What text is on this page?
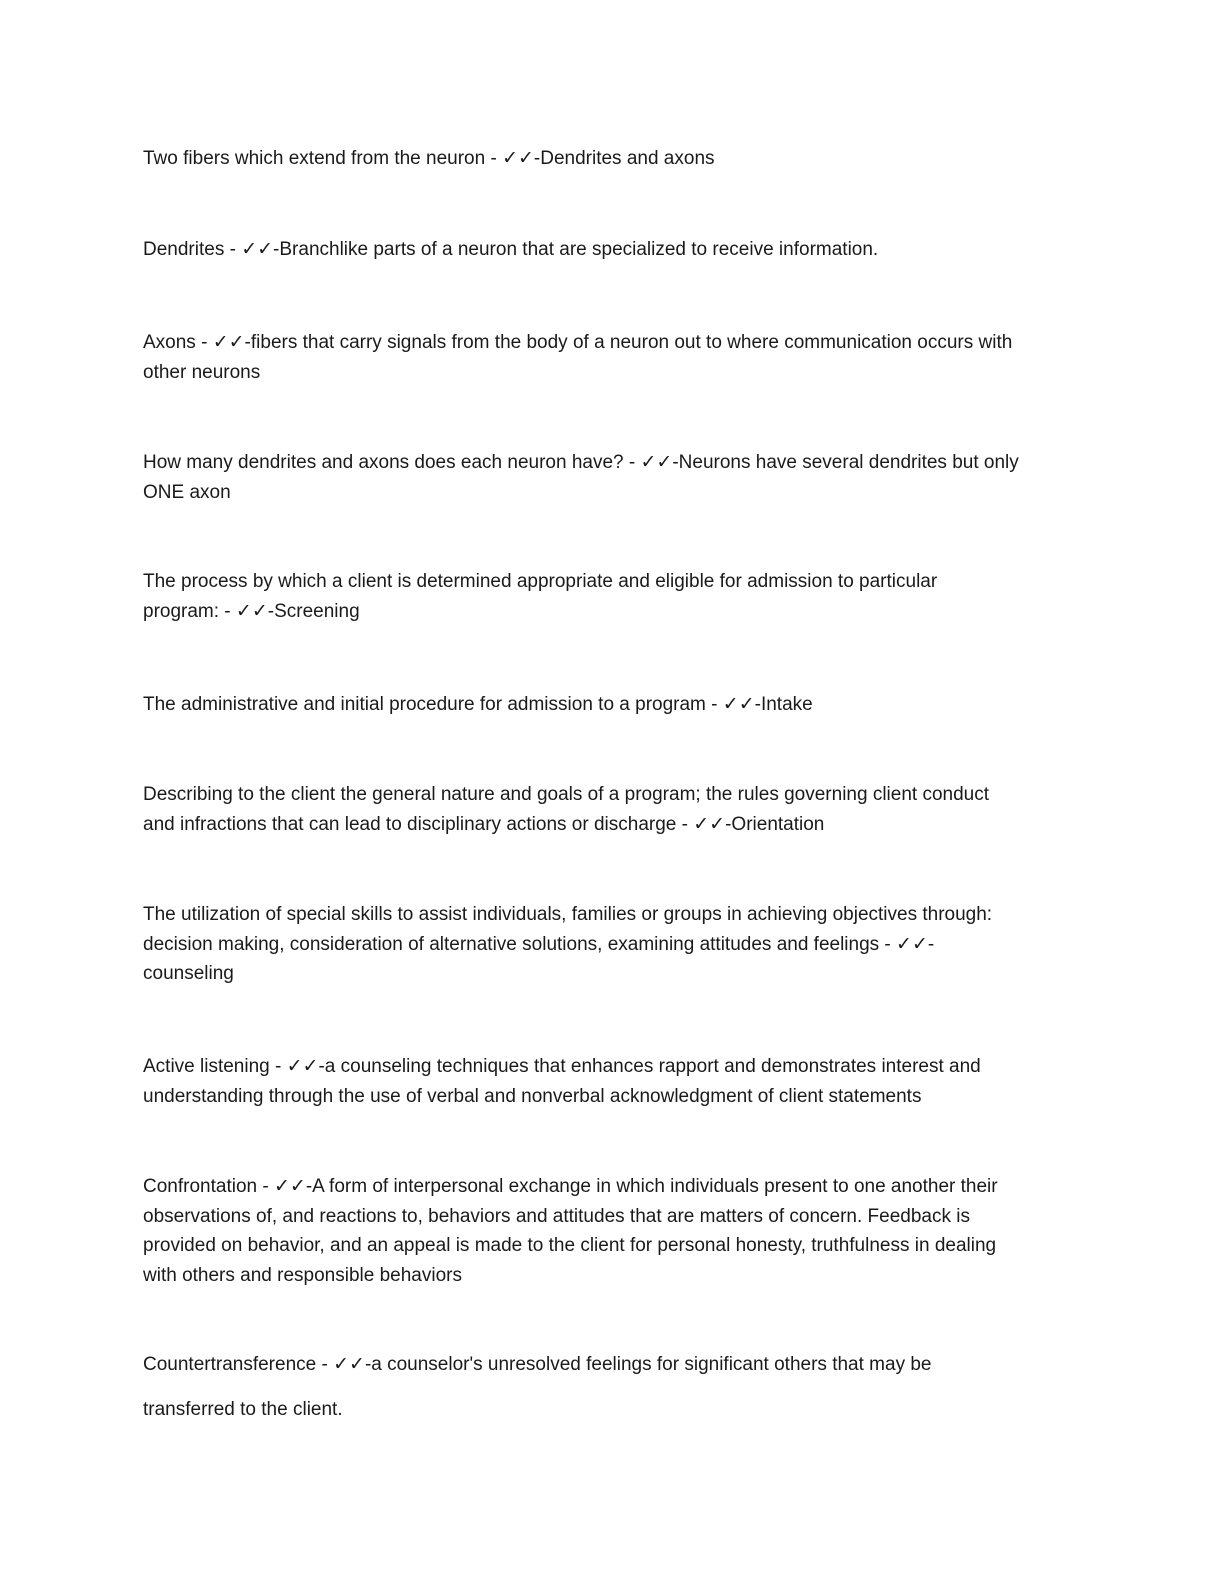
Two fibers which extend from the neuron - ✓✓-Dendrites and axons
Dendrites - ✓✓-Branchlike parts of a neuron that are specialized to receive information.
Axons - ✓✓-fibers that carry signals from the body of a neuron out to where communication occurs with
other neurons
How many dendrites and axons does each neuron have? - ✓✓-Neurons have several dendrites but only
ONE axon
The process by which a client is determined appropriate and eligible for admission to particular
program: - ✓✓-Screening
The administrative and initial procedure for admission to a program - ✓✓-Intake
Describing to the client the general nature and goals of a program; the rules governing client conduct
and infractions that can lead to disciplinary actions or discharge - ✓✓-Orientation
The utilization of special skills to assist individuals, families or groups in achieving objectives through:
decision making, consideration of alternative solutions, examining attitudes and feelings - ✓✓-
counseling
Active listening - ✓✓-a counseling techniques that enhances rapport and demonstrates interest and
understanding through the use of verbal and nonverbal acknowledgment of client statements
Confrontation - ✓✓-A form of interpersonal exchange in which individuals present to one another their
observations of, and reactions to, behaviors and attitudes that are matters of concern. Feedback is
provided on behavior, and an appeal is made to the client for personal honesty, truthfulness in dealing
with others and responsible behaviors
Countertransference - ✓✓-a counselor's unresolved feelings for significant others that may be
transferred to the client.
